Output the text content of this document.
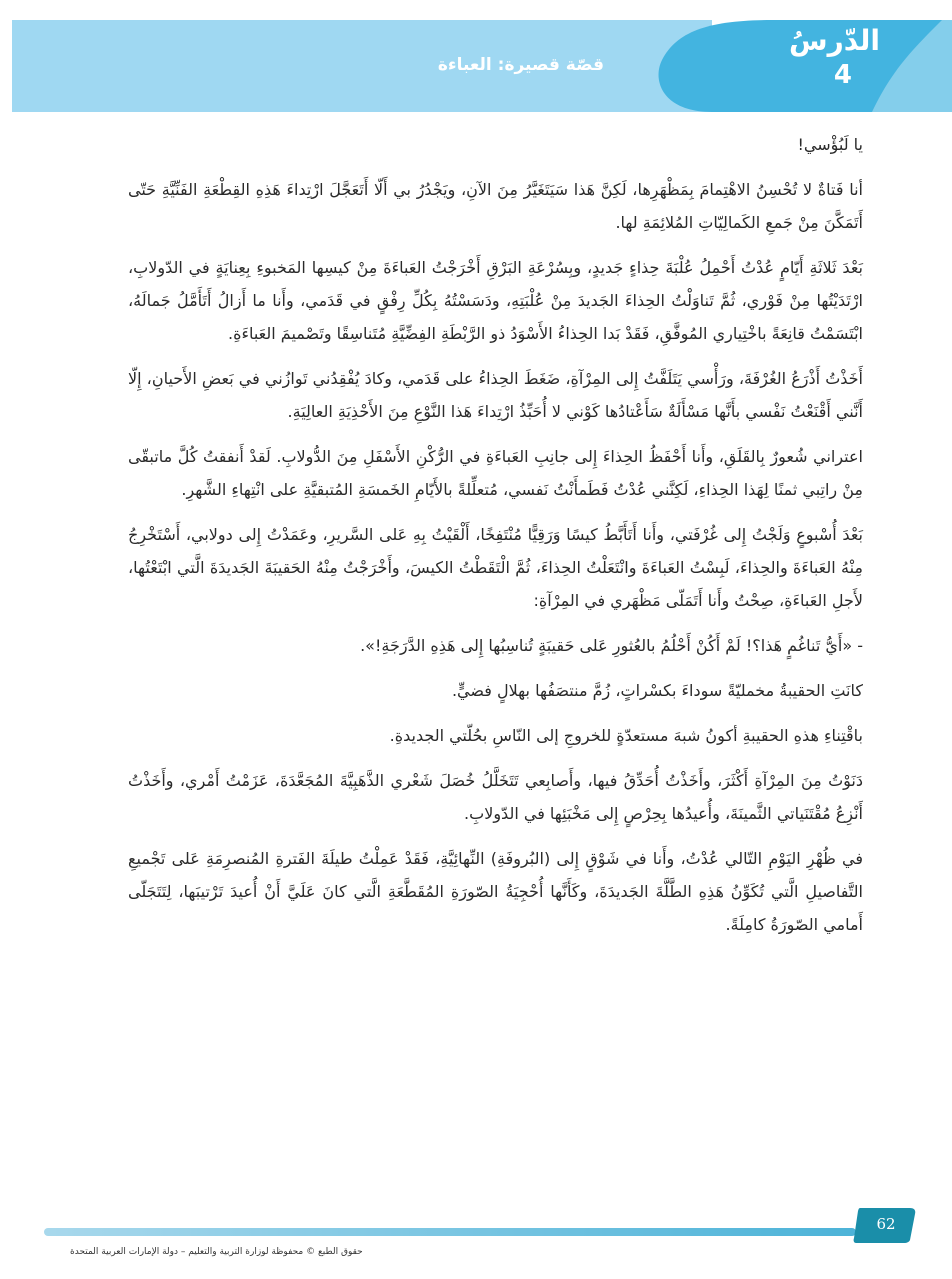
قصّة قصيرة: العباءة
الدّرسُ
4

يا لَبُؤْسي!

أنا فَتاةٌ لا تُحْسِنُ الاهْتِمامَ بِمَظْهَرِها، لَكِنَّ هَذا سَيَتَغَيَّرُ مِنَ الآنِ، ويَجْدُرُ بي أَلّا أَتَعَجَّلَ ارْتِداءَ هَذِهِ القِطْعَةِ الفَنِّيَّةِ حَتّى أَتَمَكَّنَ مِنْ جَمعِ الكَمالِيّاتِ المُلائِمَةِ لها.

بَعْدَ ثَلاثَةِ أَيّامٍ عُدْتُ أَحْمِلُ عُلْبَةَ حِذاءٍ جَديدٍ، وبِسُرْعَةِ البَرْقِ أَخْرَجْتُ العَباءَةَ مِنْ كيسِها المَخبوءِ بِعِنايَةٍ في الدّولابِ، ارْتَدَيْتُها مِنْ فَوْري، ثُمَّ تَناوَلْتُ الحِذاءَ الجَديدَ مِنْ عُلْبَتِهِ، ودَسَسْتُهُ بِكُلِّ رِفْقٍ في قَدَمي، وأَنا ما أَزالُ أَتَأَمَّلُ جَمالَهُ، ابْتَسَمْتُ قانِعَةً باخْتِياري المُوفَّقِ، فَقَدْ بَدا الحِذاءُ الأَسْوَدُ ذو الرَّبْطَةِ الفِضِّيَّةِ مُتَناسِقًا وتَصْميمَ العَباءَةِ.

أَخَذْتُ أَذْرَعُ الغُرْفَةَ، ورَأْسي يَتَلَفَّتُ إِلى المِرْآةِ، ضَغَطَ الحِذاءُ على قَدَمي، وكادَ يُفْقِدُني تَوازُني في بَعضِ الأَحيانِ، إِلّا أَنَّني أَقْنَعْتُ نَفْسي بأَنَّها مَسْأَلَةٌ سَأَعْتادُها كَوْني لا أُحَبِّذُ ارْتِداءَ هَذا النَّوْعِ مِنَ الأَحْذِيَةِ العالِيَةِ.

اعتراني شُعورٌ بِالقَلَقِ، وأَنا أَحْفَظُ الحِذاءَ إِلى جانِبِ العَباءَةِ في الرُّكْنِ الأَسْفَلِ مِنَ الدُّولابِ. لَقدْ أَنفقتُ كُلَّ ماتبقّى مِنْ راتِبي ثمنًا لِهَذا الحِذاءِ، لَكِنَّني عُدْتُ فَطَمأَنْتُ نَفسي، مُتعلِّلةً بالأَيّامِ الخَمسَةِ المُتبقيَّةِ على انْتِهاءِ الشَّهرِ.

بَعْدَ أُسْبوعٍ وَلَجْتُ إِلى غُرْفَتي، وأَنا أَتَأَبَّطُ كيسًا وَرَقِيًّا مُنْتَفِخًا، أَلْقَيْتُ بِهِ عَلى السَّريرِ، وعَمَدْتُ إِلى دولابي، أَسْتَخْرِجُ مِنْهُ العَباءَةَ والحِذاءَ، لَبِسْتُ العَباءَةَ وانْتَعَلْتُ الحِذاءَ، ثُمَّ الْتَقَطْتُ الكيسَ، وأَخْرَجْتُ مِنْهُ الحَقيبَةَ الجَديدَةَ الَّتي ابْتَعْتُها، لأَجلِ العَباءَةِ، صِحْتُ وأَنا أَتَمَلّى مَظْهَري في المِرْآةِ:

- «أَيُّ تَناغُمٍ هَذا؟! لَمْ أَكُنْ أَحْلُمُ بالعُثورِ عَلى حَقيبَةٍ تُناسِبُها إِلى هَذِهِ الدَّرَجَةِ!».

كانَتِ الحقيبةُ مخمليّةً سوداءَ بكسْراتٍ، زُمَّ منتصَفُها بهلالٍ فضيٍّ.

باقْتِناءِ هذهِ الحقيبةِ أكونُ شبهَ مستعدّةٍ للخروجِ إلى النّاسِ بحُلّتي الجديدةِ.

دَنَوْتُ مِنَ المِرْآةِ أَكْثَرَ، وأَخَذْتُ أُحَدِّقُ فيها، وأَصابِعي تَتَخَلَّلُ خُصَلَ شَعْري الذَّهَبِيَّةَ المُجَعَّدَةَ، عَزَمْتُ أَمْري، وأَخَذْتُ أَنْزِعُ مُقْتَنَياتي الثَّمينَةَ، وأُعيدُها بِحِرْصٍ إِلى مَخْبَئِها في الدّولابِ.

في ظُهْرِ اليَوْمِ التّالي عُدْتُ، وأَنا في شَوْقٍ إِلى (البُروفَةِ) النِّهائِيَّةِ، فَقَدْ عَمِلْتُ طيلَةَ الفَترةِ المُنصرِمَةِ عَلى تَجْميعِ التَّفاصيلِ الَّتي تُكَوِّنُ هَذِهِ الطَّلَّةَ الجَديدَةَ، وكَأَنَّها أُحْجِيَةُ الصّورَةِ المُقَطَّعَةِ الَّتي كانَ عَلَيَّ أَنْ أُعيدَ تَرْتيبَها، لِتَتَجَلّى أَمامي الصّورَةُ كامِلَةً.

62
حقوق الطبع © محفوظة لوزارة التربية والتعليم – دولة الإمارات العربية المتحدة
